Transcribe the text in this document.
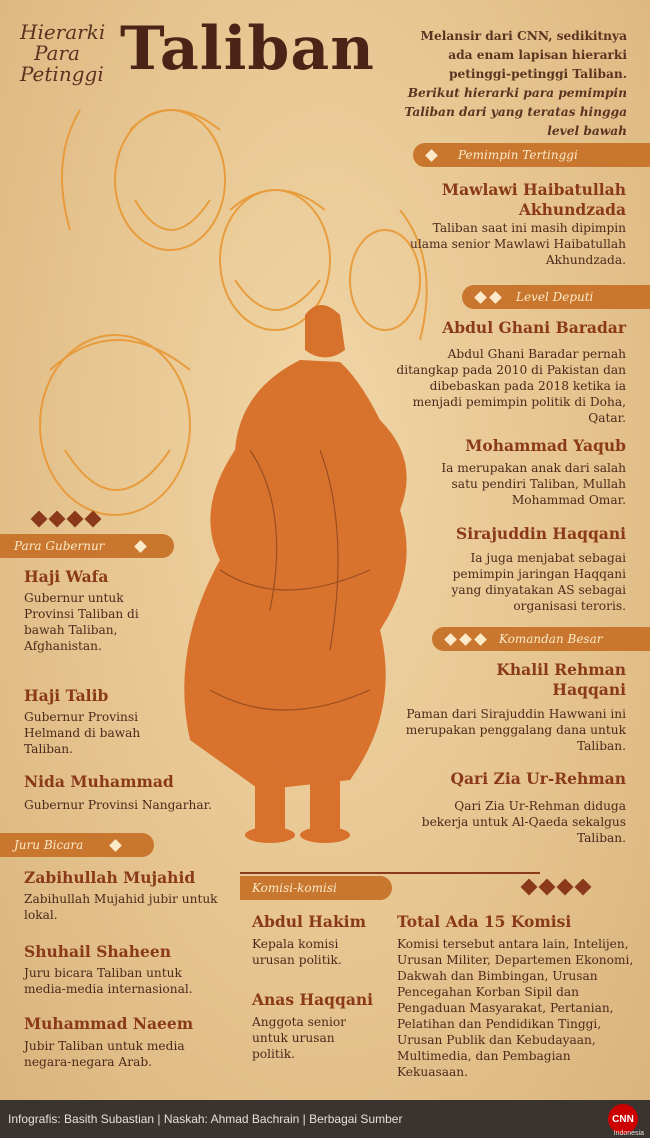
Hierarki
Para
Petinggi Taliban	Melansir dari CNN, sedikitnya ada enam lapisan hierarki petinggi-petinggi Taliban. Berikut hierarki para pemimpin Taliban dari yang teratas hingga level bawah
Pemimpin Tertinggi
Mawlawi Haibatullah Akhundzada
Taliban saat ini masih dipimpin ulama senior Mawlawi Haibatullah Akhundzada.
Level Deputi
Abdul Ghani Baradar
Abdul Ghani Baradar pernah ditangkap pada 2010 di Pakistan dan dibebaskan pada 2018 ketika ia menjadi pemimpin politik di Doha, Qatar.
Mohammad Yaqub
Ia merupakan anak dari salah satu pendiri Taliban, Mullah Mohammad Omar.
Sirajuddin Haqqani
Ia juga menjabat sebagai pemimpin jaringan Haqqani yang dinyatakan AS sebagai organisasi teroris.
Komandan Besar
Khalil Rehman Haqqani
Paman dari Sirajuddin Hawwani ini merupakan penggalang dana untuk Taliban.
Qari Zia Ur-Rehman
Qari Zia Ur-Rehman diduga bekerja untuk Al-Qaeda sekalgus Taliban.
Para Gubernur
Haji Wafa
Gubernur untuk Provinsi Taliban di bawah Taliban, Afghanistan.
Haji Talib
Gubernur Provinsi Helmand di bawah Taliban.
Nida Muhammad
Gubernur Provinsi Nangarhar.
Juru Bicara
Zabihullah Mujahid
Zabihullah Mujahid jubir untuk lokal.
Shuhail Shaheen
Juru bicara Taliban untuk media-media internasional.
Muhammad Naeem
Jubir Taliban untuk media negara-negara Arab.
Komisi-komisi
Abdul Hakim
Kepala komisi urusan politik.
Anas Haqqani
Anggota senior untuk urusan politik.
Total Ada 15 Komisi
Komisi tersebut antara lain, Intelijen, Urusan Militer, Departemen Ekonomi, Dakwah dan Bimbingan, Urusan Pencegahan Korban Sipil dan Pengaduan Masyarakat, Pertanian, Pelatihan dan Pendidikan Tinggi, Urusan Publik dan Kebudayaan, Multimedia, dan Pembagian Kekuasaan.
Infografis: Basith Subastian | Naskah: Ahmad Bachrain | Berbagai Sumber	CNN
Indonesia
